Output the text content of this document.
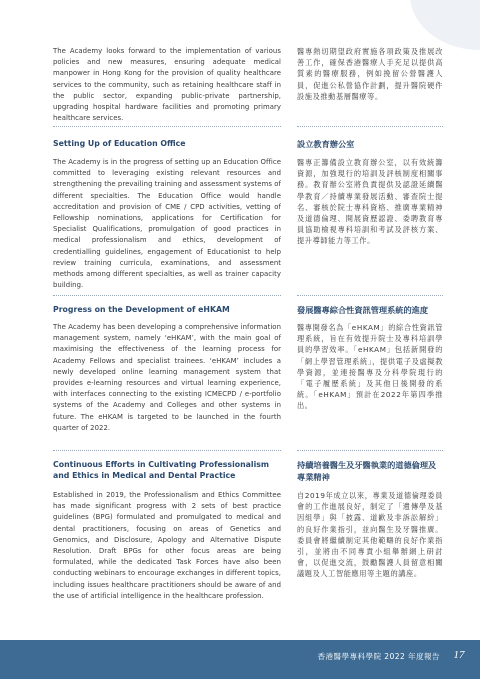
The Academy looks forward to the implementation of various policies and new measures, ensuring adequate medical manpower in Hong Kong for the provision of quality healthcare services to the community, such as retaining healthcare staff in the public sector, expanding public-private partnership, upgrading hospital hardware facilities and promoting primary healthcare services.

醫專熱切期望政府實施各項政策及推展改善工作，確保香港醫療人手充足以提供高質素的醫療服務，例如挽留公營醫護人員，促進公私營協作計劃，提升醫院硬件設施及推動基層醫療等。

Setting Up of Education Office	設立教育辦公室

The Academy is in the progress of setting up an Education Office committed to leveraging existing relevant resources and strengthening the prevailing training and assessment systems of different specialties. The Education Office would handle accreditation and provision of CME / CPD activities, vetting of Fellowship nominations, applications for Certification for Specialist Qualifications, promulgation of good practices in medical professionalism and ethics, development of credentialling guidelines, engagement of Educationist to help review training curricula, examinations, and assessment methods among different specialties, as well as trainer capacity building.

醫專正籌備設立教育辦公室，以有效統籌資源，加強現行的培訓及評核制度相關事務。教育辦公室將負責提供及認證延續醫學教育／持續專業發展活動、審查院士提名、審核於院士專科資格、推廣專業精神及道德倫理、開展資歷認證、委聘教育專員協助檢視專科培訓和考試及評核方案、提升導師能力等工作。

Progress on the Development of eHKAM	發展醫專綜合性資訊管理系統的進度

The Academy has been developing a comprehensive information management system, namely ‘eHKAM’, with the main goal of maximising the effectiveness of the learning process for Academy Fellows and specialist trainees. ‘eHKAM’ includes a newly developed online learning management system that provides e-learning resources and virtual learning experience, with interfaces connecting to the existing ICMECPD / e-portfolio systems of the Academy and Colleges and other systems in future. The eHKAM is targeted to be launched in the fourth quarter of 2022.

醫專開發名為「eHKAM」的綜合性資訊管理系統，旨在有效提升院士及專科培訓學員的學習效率。「eHKAM」包括新開發的「網上學習管理系統」，提供電子及虛擬教學資源，並連接醫專及分科學院現行的「電子履歷系統」及其他日後開發的系統。「eHKAM」預計在2022年第四季推出。

Continuous Efforts in Cultivating Professionalism and Ethics in Medical and Dental Practice
持續培養醫生及牙醫執業的道德倫理及專業精神

Established in 2019, the Professionalism and Ethics Committee has made significant progress with 2 sets of best practice guidelines (BPG) formulated and promulgated to medical and dental practitioners, focusing on areas of Genetics and Genomics, and Disclosure, Apology and Alternative Dispute Resolution. Draft BPGs for other focus areas are being formulated, while the dedicated Task Forces have also been conducting webinars to encourage exchanges in different topics, including issues healthcare practitioners should be aware of and the use of artificial intelligence in the healthcare profession.

自2019年成立以來，專業及道德倫理委員會的工作進展良好，制定了「遺傳學及基因組學」與「披露、道歉及非訴訟解紛」的良好作業指引，並向醫生及牙醫推廣。委員會將繼續制定其他範疇的良好作業指引，並將由不同專責小組舉辦網上研討會，以促進交流，鼓勵醫護人員留意相關議題及人工智能應用等主題的講座。

香港醫學專科學院 2022 年度報告	17
